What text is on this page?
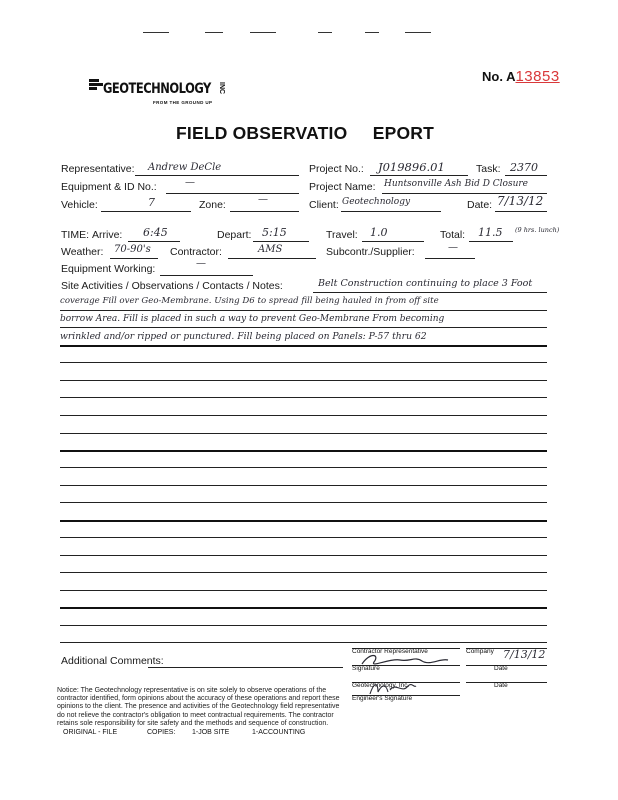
GEOTECHNOLOGY INC
FROM THE GROUND UP
No. A13853
FIELD OBSERVATIO     EPORT
Representative: Andrew DeCle	Project No.: J019896.01	Task: 2370
Equipment & ID No.:	—	Project Name: Huntsonville Ash Bid D Closure
Vehicle:	7	Zone:	—	Client: Geotechnology	Date: 7/13/12
TIME: Arrive: 6:45	Depart: 5:15	Travel: 1.0	Total: 11.5 (9 hrs. lunch)
Weather: 70-90's Contractor:	AMS	Subcontr./Supplier:	—
Equipment Working:	—
Site Activities / Observations / Contacts / Notes:	Belt Construction continuing to place 3 Foot
coverage Fill over Geo-Membrane. Using D6 to spread fill being hauled in from off site
borrow Area. Fill is placed in such a way to prevent Geo-Membrane From becoming
wrinkled and/or ripped or punctured. Fill being placed on Panels: P-57 thru 62
Additional Comments:
Contractor Representative	Company
Signature	Date
7/13/12
Geotechnology, Inc.	Date
Engineer's Signature
Notice: The Geotechnology representative is on site solely to observe operations of the contractor identified, form opinions about the accuracy of these operations and report these opinions to the client. The presence and activities of the Geotechnology field representative do not relieve the contractor's obligation to meet contractual requirements. The contractor retains sole responsibility for site safety and the methods and sequence of construction.
ORIGINAL - FILE	COPIES: 1-JOB SITE	1-ACCOUNTING
